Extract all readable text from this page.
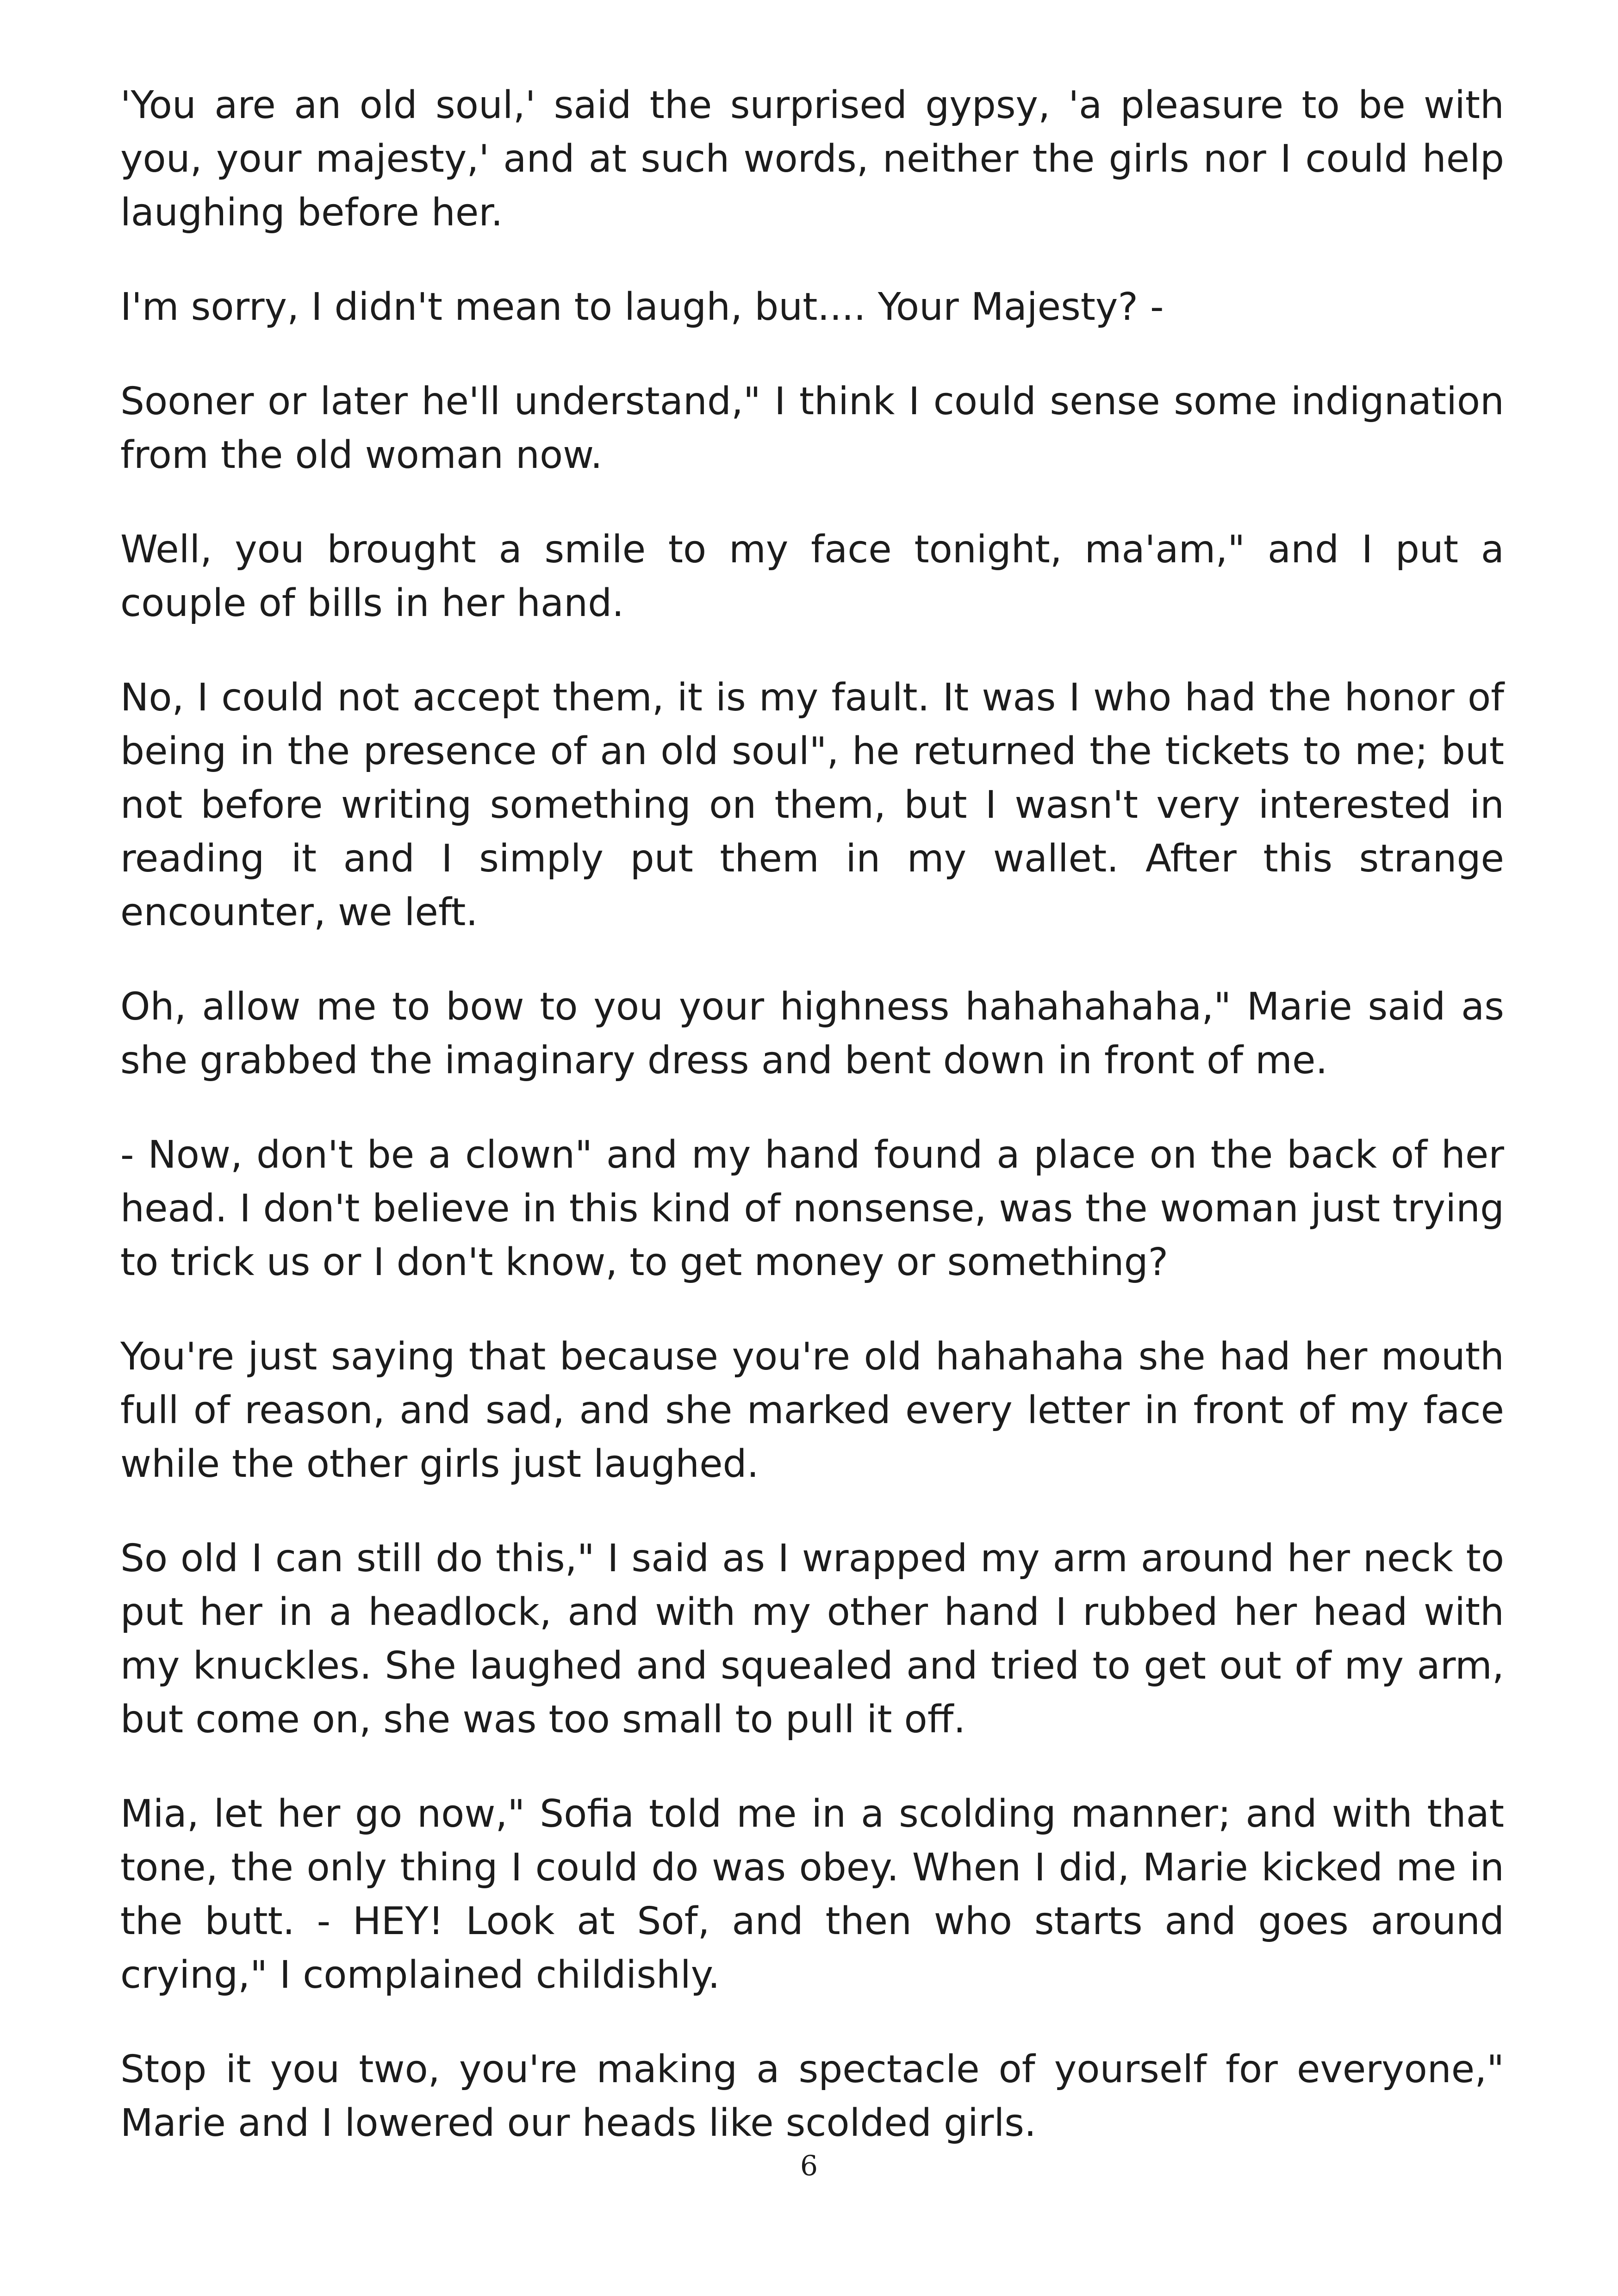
'You are an old soul,' said the surprised gypsy, 'a pleasure to be with you, your majesty,' and at such words, neither the girls nor I could help laughing before her.

I'm sorry, I didn't mean to laugh, but.... Your Majesty? -

Sooner or later he'll understand," I think I could sense some indignation from the old woman now.

Well, you brought a smile to my face tonight, ma'am," and I put a couple of bills in her hand.

No, I could not accept them, it is my fault. It was I who had the honor of being in the presence of an old soul", he returned the tickets to me; but not before writing something on them, but I wasn't very interested in reading it and I simply put them in my wallet. After this strange encounter, we left.

Oh, allow me to bow to you your highness hahahahaha," Marie said as she grabbed the imaginary dress and bent down in front of me.

- Now, don't be a clown" and my hand found a place on the back of her head. I don't believe in this kind of nonsense, was the woman just trying to trick us or I don't know, to get money or something?

You're just saying that because you're old hahahaha she had her mouth full of reason, and sad, and she marked every letter in front of my face while the other girls just laughed.

So old I can still do this," I said as I wrapped my arm around her neck to put her in a headlock, and with my other hand I rubbed her head with my knuckles. She laughed and squealed and tried to get out of my arm, but come on, she was too small to pull it off.

Mia, let her go now," Sofia told me in a scolding manner; and with that tone, the only thing I could do was obey. When I did, Marie kicked me in the butt. - HEY! Look at Sof, and then who starts and goes around crying," I complained childishly.

Stop it you two, you're making a spectacle of yourself for everyone," Marie and I lowered our heads like scolded girls.

6
